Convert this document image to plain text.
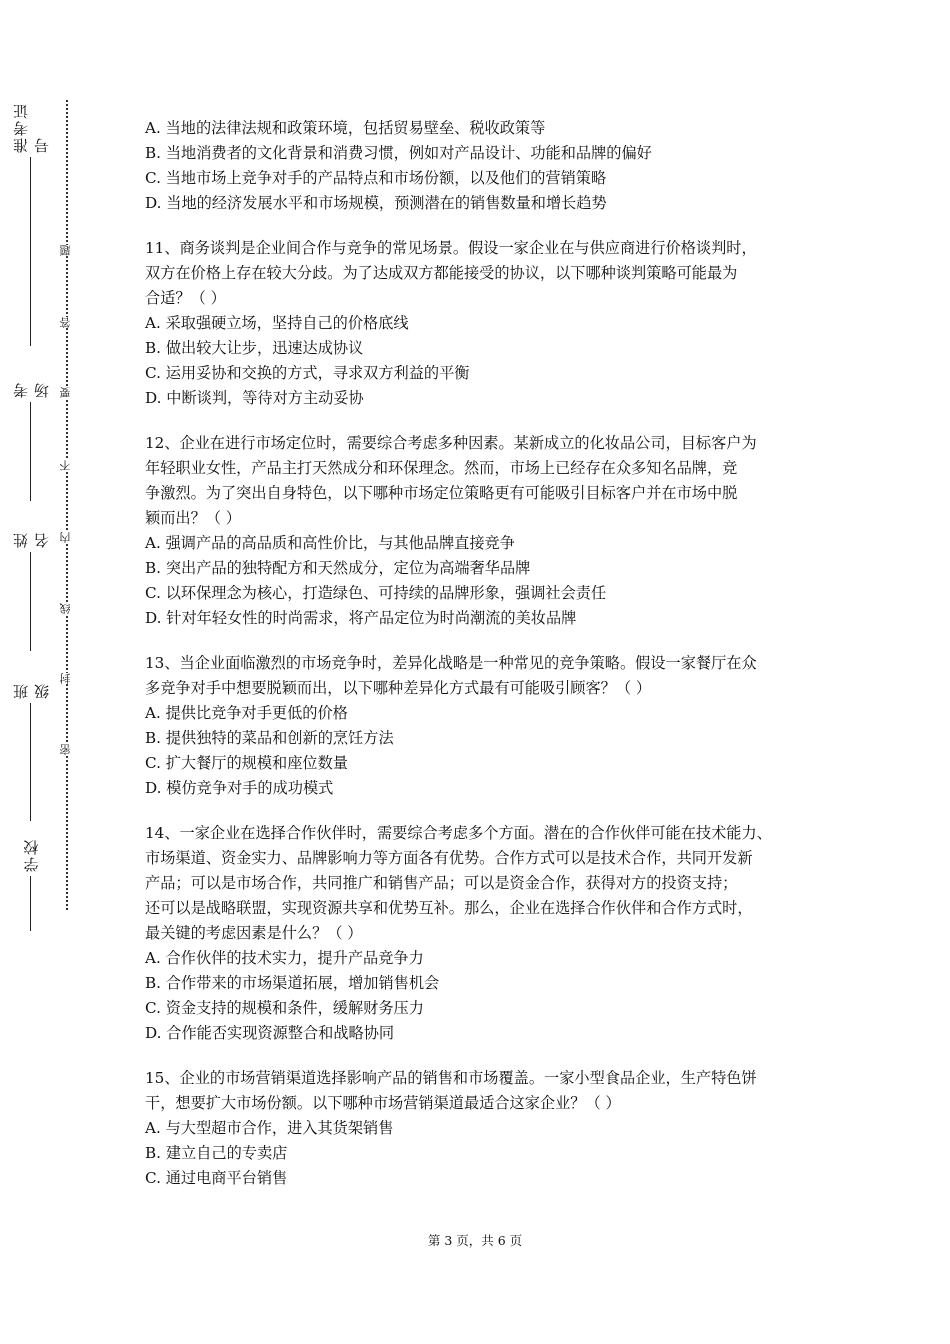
准考证号
考场
姓名
班级
学校
题
答
要
不
内
线
封
密
A. 当地的法律法规和政策环境，包括贸易壁垒、税收政策等
B. 当地消费者的文化背景和消费习惯，例如对产品设计、功能和品牌的偏好
C. 当地市场上竞争对手的产品特点和市场份额，以及他们的营销策略
D. 当地的经济发展水平和市场规模，预测潜在的销售数量和增长趋势
11、商务谈判是企业间合作与竞争的常见场景。假设一家企业在与供应商进行价格谈判时，
双方在价格上存在较大分歧。为了达成双方都能接受的协议，以下哪种谈判策略可能最为
合适？（ ）
A. 采取强硬立场，坚持自己的价格底线
B. 做出较大让步，迅速达成协议
C. 运用妥协和交换的方式，寻求双方利益的平衡
D. 中断谈判，等待对方主动妥协
12、企业在进行市场定位时，需要综合考虑多种因素。某新成立的化妆品公司，目标客户为
年轻职业女性，产品主打天然成分和环保理念。然而，市场上已经存在众多知名品牌，竞
争激烈。为了突出自身特色，以下哪种市场定位策略更有可能吸引目标客户并在市场中脱
颖而出？（ ）
A. 强调产品的高品质和高性价比，与其他品牌直接竞争
B. 突出产品的独特配方和天然成分，定位为高端奢华品牌
C. 以环保理念为核心，打造绿色、可持续的品牌形象，强调社会责任
D. 针对年轻女性的时尚需求，将产品定位为时尚潮流的美妆品牌
13、当企业面临激烈的市场竞争时，差异化战略是一种常见的竞争策略。假设一家餐厅在众
多竞争对手中想要脱颖而出，以下哪种差异化方式最有可能吸引顾客？（ ）
A. 提供比竞争对手更低的价格
B. 提供独特的菜品和创新的烹饪方法
C. 扩大餐厅的规模和座位数量
D. 模仿竞争对手的成功模式
14、一家企业在选择合作伙伴时，需要综合考虑多个方面。潜在的合作伙伴可能在技术能力、
市场渠道、资金实力、品牌影响力等方面各有优势。合作方式可以是技术合作，共同开发新
产品；可以是市场合作，共同推广和销售产品；可以是资金合作，获得对方的投资支持；
还可以是战略联盟，实现资源共享和优势互补。那么，企业在选择合作伙伴和合作方式时，
最关键的考虑因素是什么？（ ）
A. 合作伙伴的技术实力，提升产品竞争力
B. 合作带来的市场渠道拓展，增加销售机会
C. 资金支持的规模和条件，缓解财务压力
D. 合作能否实现资源整合和战略协同
15、企业的市场营销渠道选择影响产品的销售和市场覆盖。一家小型食品企业，生产特色饼
干，想要扩大市场份额。以下哪种市场营销渠道最适合这家企业？（ ）
A. 与大型超市合作，进入其货架销售
B. 建立自己的专卖店
C. 通过电商平台销售
第 3 页，共 6 页
